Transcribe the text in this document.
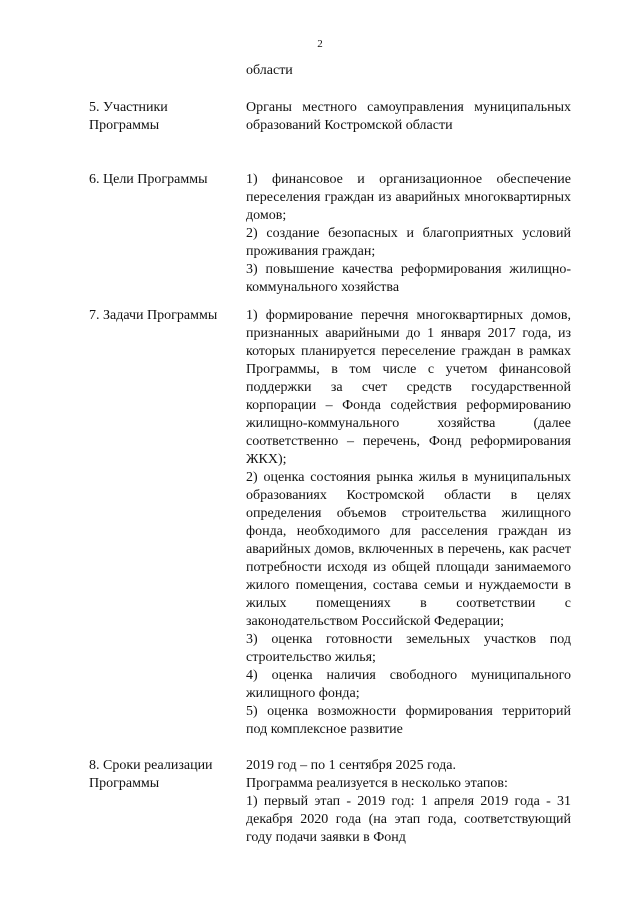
2
области
5. Участники
Программы

Органы местного самоуправления муниципальных образований Костромской области

6. Цели Программы	1) финансовое и организационное обеспечение переселения граждан из аварийных многоквартирных домов;

2) создание безопасных и благоприятных условий проживания граждан;

3) повышение качества реформирования жилищно-коммунального хозяйства

7. Задачи Программы	1) формирование перечня многоквартирных домов, признанных аварийными до 1 января 2017 года, из которых планируется переселение граждан в рамках Программы, в том числе с учетом финансовой поддержки за счет средств государственной корпорации – Фонда содействия реформированию жилищно-коммунального хозяйства (далее соответственно – перечень, Фонд реформирования ЖКХ);

2) оценка состояния рынка жилья в муниципальных образованиях Костромской области в целях определения объемов строительства жилищного фонда, необходимого для расселения граждан из аварийных домов, включенных в перечень, как расчет потребности исходя из общей площади занимаемого жилого помещения, состава семьи и нуждаемости в жилых помещениях в соответствии с законодательством Российской Федерации;

3) оценка готовности земельных участков под строительство жилья;

4) оценка наличия свободного муниципального жилищного фонда;

5) оценка возможности формирования территорий под комплексное развитие

8. Сроки реализации
Программы

2019 год – по 1 сентября 2025 года.

Программа реализуется в несколько этапов:

1) первый этап - 2019 год: 1 апреля 2019 года - 31 декабря 2020 года (на этап года, соответствующий году подачи заявки в Фонд
